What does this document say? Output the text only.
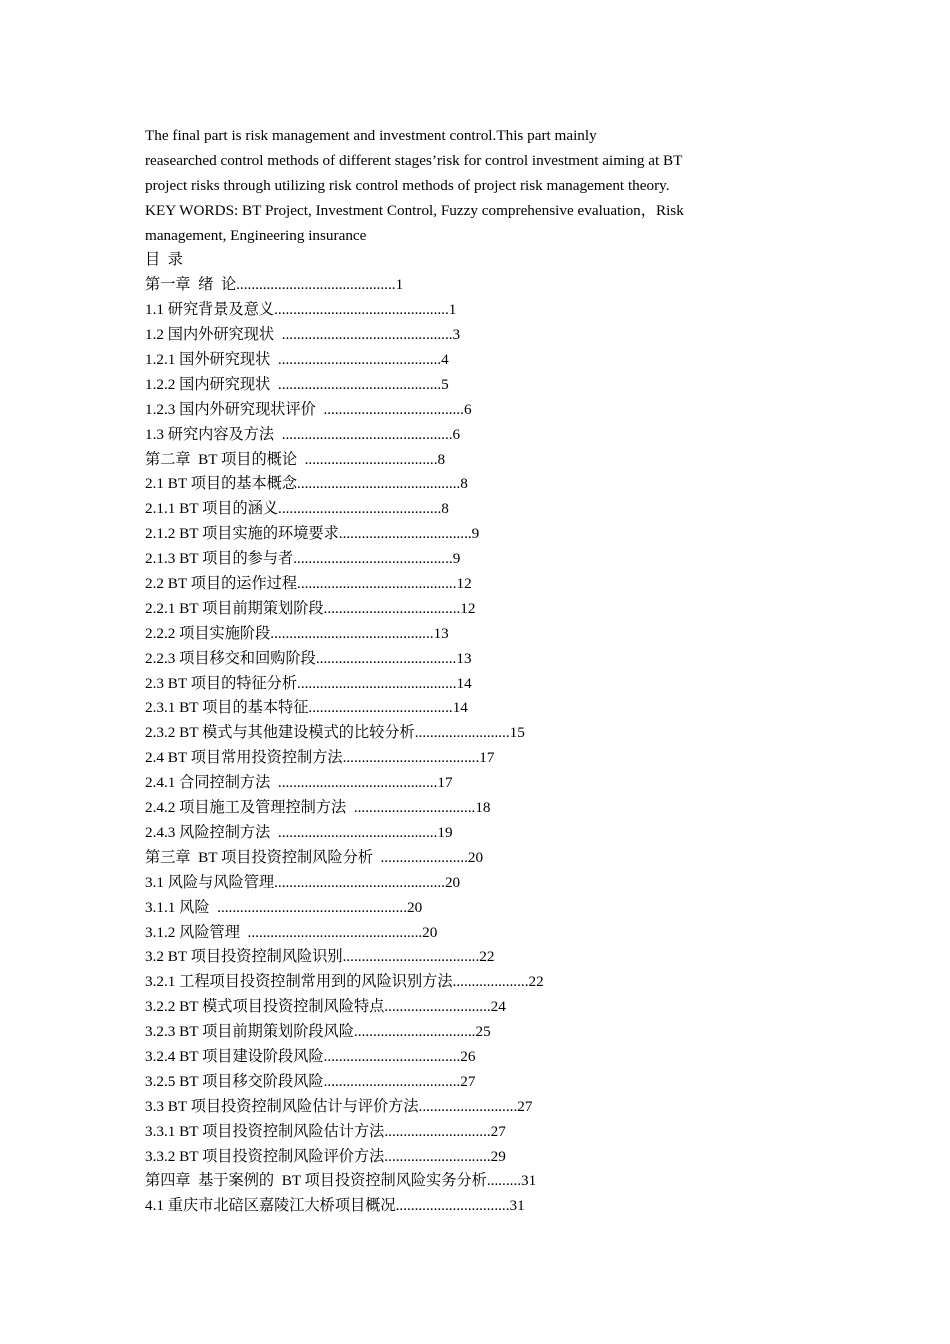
The final part is risk management and investment control.This part mainly
reasearched control methods of different stages’risk for control investment aiming at BT
project risks through utilizing risk control methods of project risk management theory.
KEY WORDS: BT Project, Investment Control, Fuzzy comprehensive evaluation，Risk
management, Engineering insurance
目  录
第一章  绪  论..........................................1
1.1 研究背景及意义..............................................1
1.2 国内外研究现状  .............................................3
1.2.1 国外研究现状  ...........................................4
1.2.2 国内研究现状  ...........................................5
1.2.3 国内外研究现状评价  .....................................6
1.3 研究内容及方法  .............................................6
第二章  BT 项目的概论  ...................................8
2.1 BT 项目的基本概念...........................................8
2.1.1 BT 项目的涵义...........................................8
2.1.2 BT 项目实施的环境要求...................................9
2.1.3 BT 项目的参与者..........................................9
2.2 BT 项目的运作过程..........................................12
2.2.1 BT 项目前期策划阶段....................................12
2.2.2 项目实施阶段...........................................13
2.2.3 项目移交和回购阶段.....................................13
2.3 BT 项目的特征分析..........................................14
2.3.1 BT 项目的基本特征......................................14
2.3.2 BT 模式与其他建设模式的比较分析.........................15
2.4 BT 项目常用投资控制方法....................................17
2.4.1 合同控制方法  ..........................................17
2.4.2 项目施工及管理控制方法  ................................18
2.4.3 风险控制方法  ..........................................19
第三章  BT 项目投资控制风险分析  .......................20
3.1 风险与风险管理.............................................20
3.1.1 风险  ..................................................20
3.1.2 风险管理  ..............................................20
3.2 BT 项目投资控制风险识别....................................22
3.2.1 工程项目投资控制常用到的风险识别方法....................22
3.2.2 BT 模式项目投资控制风险特点............................24
3.2.3 BT 项目前期策划阶段风险................................25
3.2.4 BT 项目建设阶段风险....................................26
3.2.5 BT 项目移交阶段风险....................................27
3.3 BT 项目投资控制风险估计与评价方法..........................27
3.3.1 BT 项目投资控制风险估计方法............................27
3.3.2 BT 项目投资控制风险评价方法............................29
第四章  基于案例的  BT 项目投资控制风险实务分析.........31
4.1 重庆市北碚区嘉陵江大桥项目概况..............................31
